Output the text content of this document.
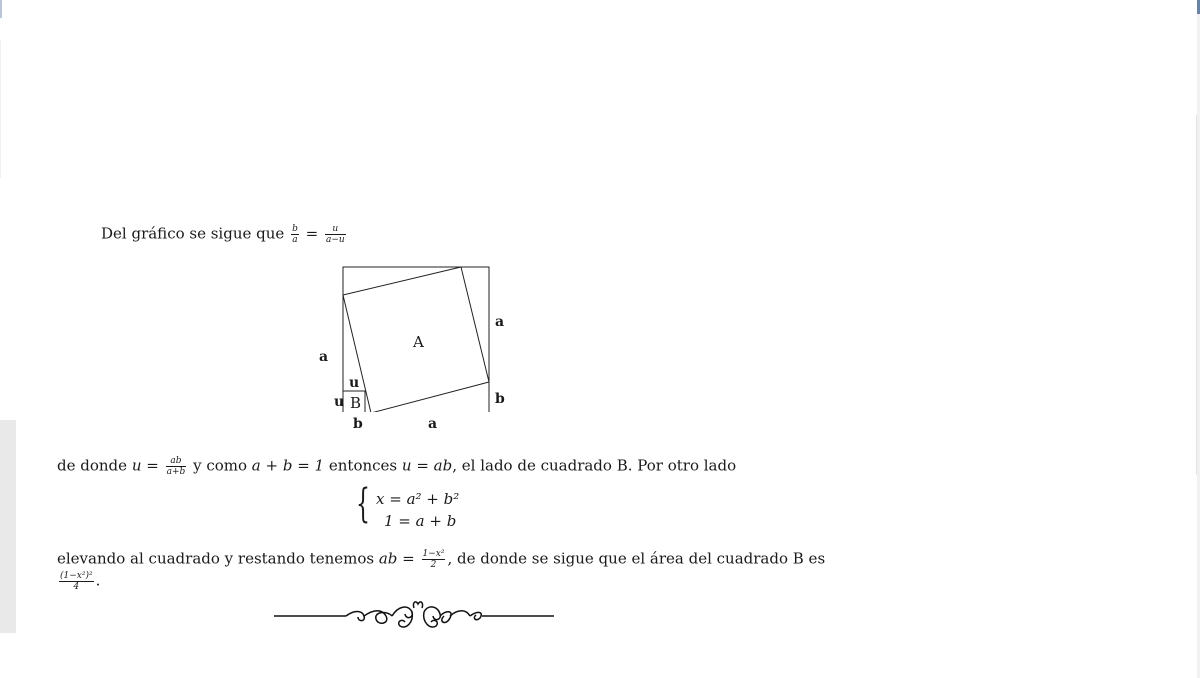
Del gráfico se sigue que $\frac{b}{a} = \frac{u}{a-u}$
a
a
b
b	a
u
u
A
B
de donde $u = \frac{ab}{a+b}$ y como a + b = 1 entonces u = ab, el lado de cuadrado B. Por otro lado
{ x = a² + b²
1 = a + b
elevando al cuadrado y restando tenemos ab = $\frac{\text{1−x²}}{2}$ , de donde se sigue que el área del cuadrado B es
$\frac{\text{(1−x²)²}}{4}$ .
